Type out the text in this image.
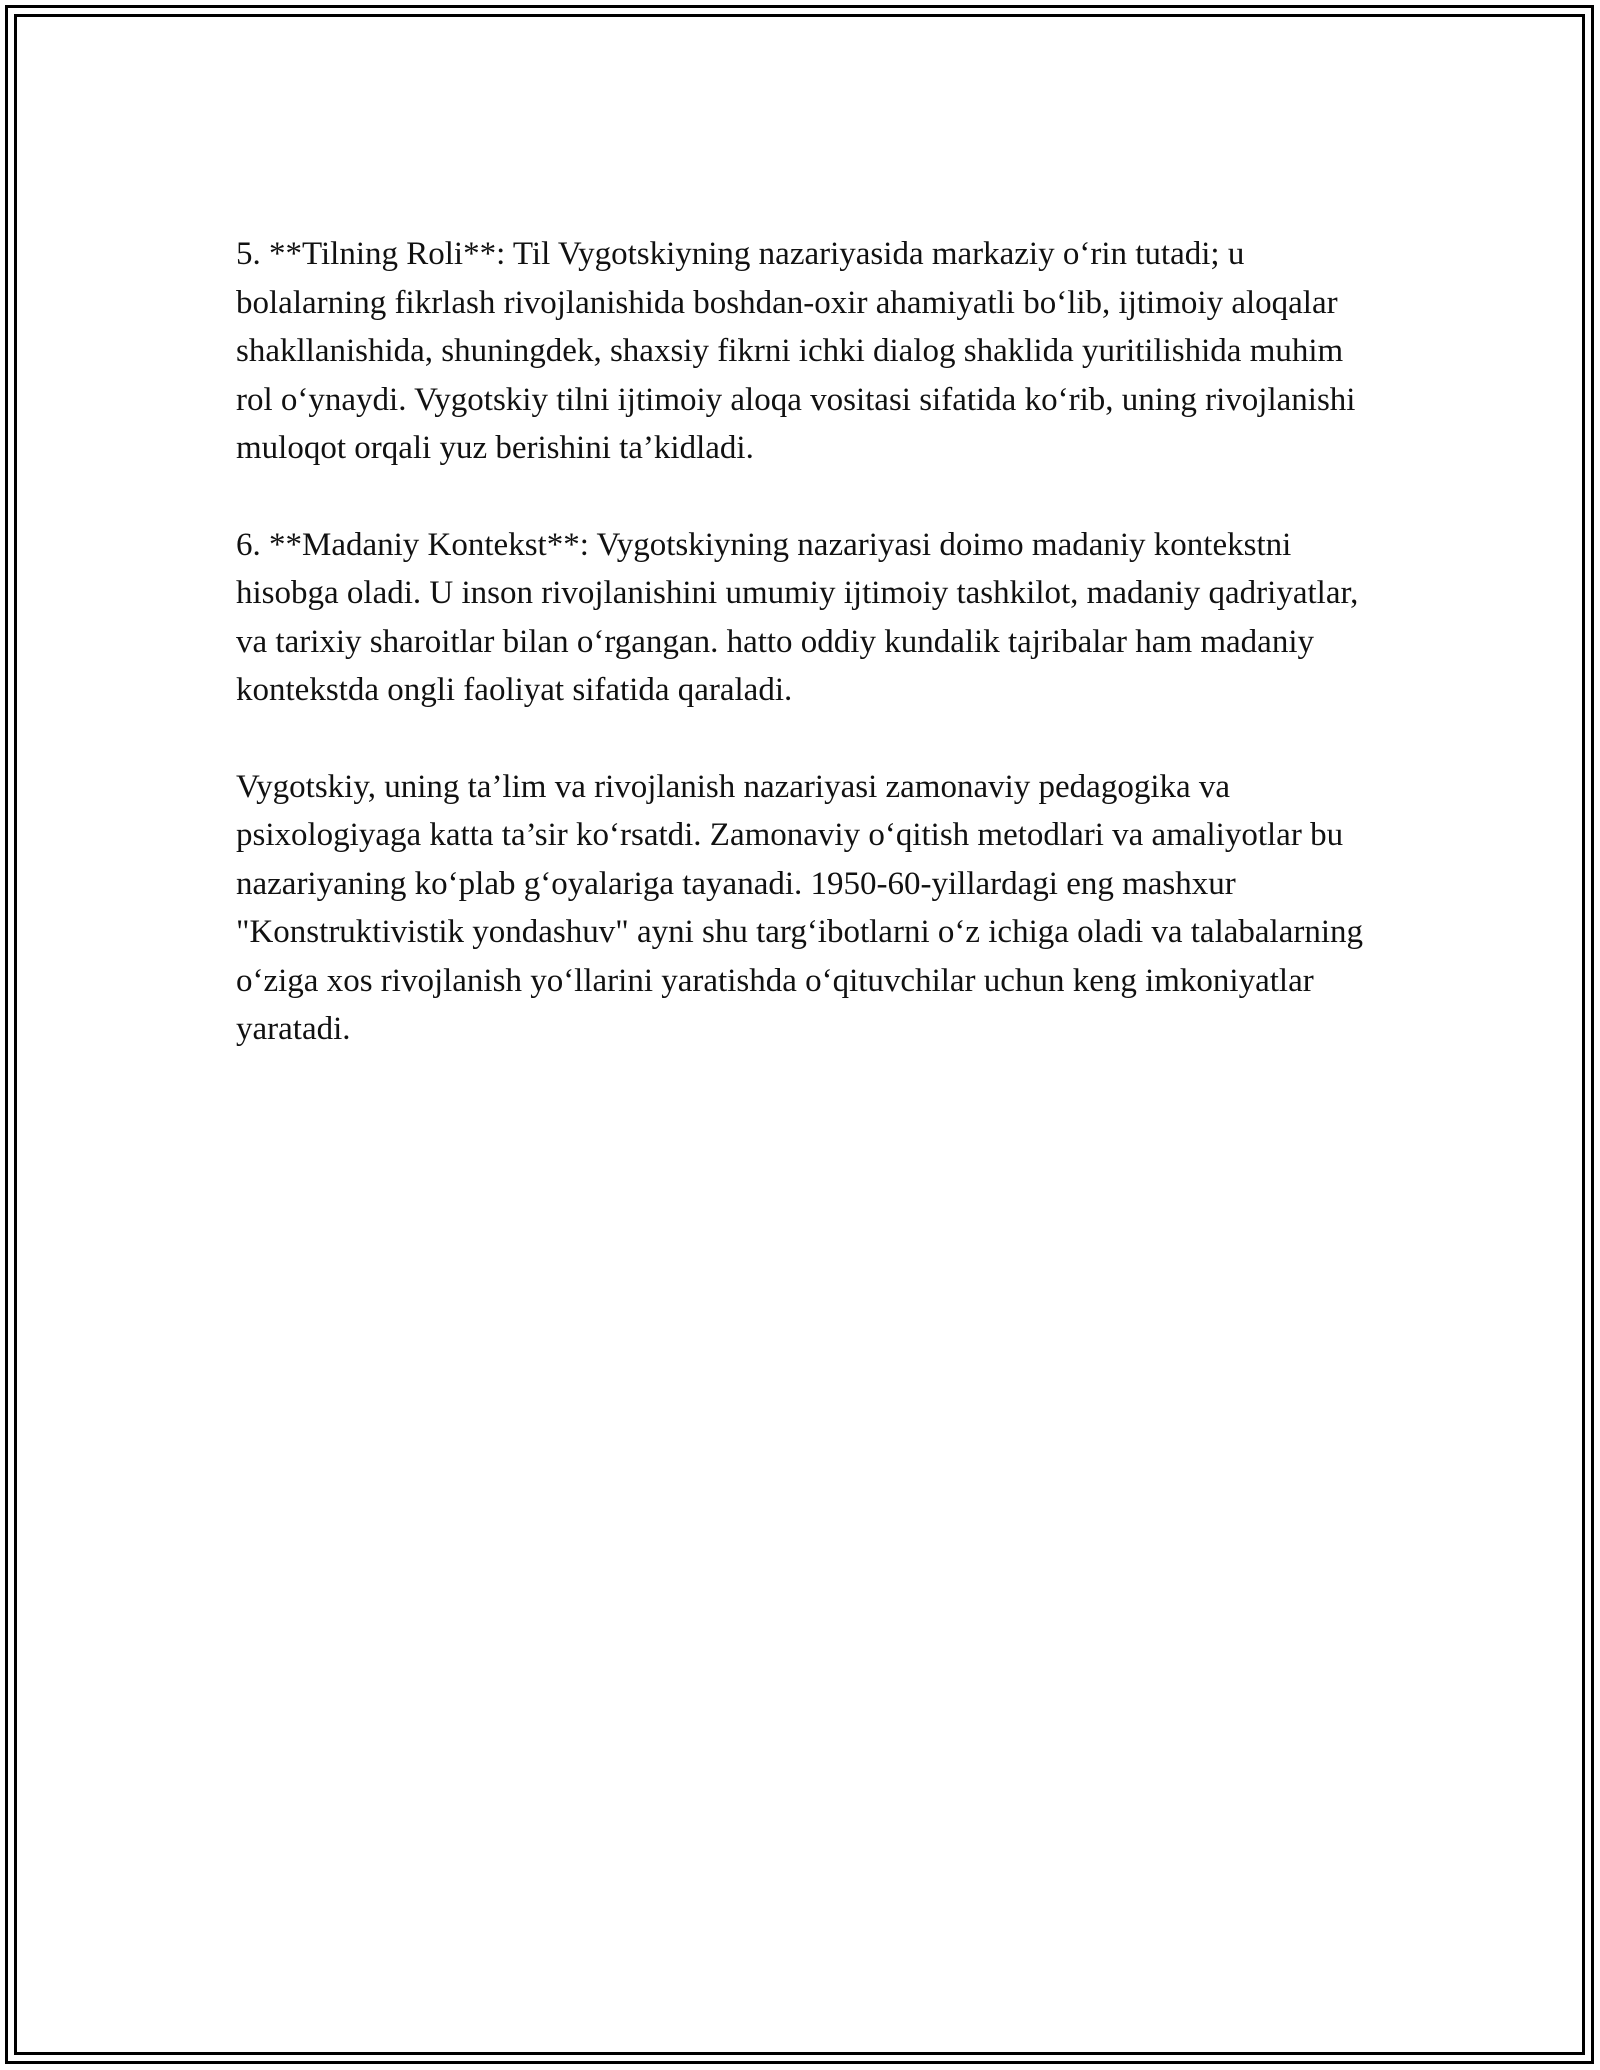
5. **Tilning Roli**: Til Vygotskiyning nazariyasida markaziy o‘rin tutadi; u bolalarning fikrlash rivojlanishida boshdan-oxir ahamiyatli bo‘lib, ijtimoiy aloqalar shakllanishida, shuningdek, shaxsiy fikrni ichki dialog shaklida yuritilishida muhim rol o‘ynaydi. Vygotskiy tilni ijtimoiy aloqa vositasi sifatida ko‘rib, uning rivojlanishi muloqot orqali yuz berishini ta’kidladi.

6. **Madaniy Kontekst**: Vygotskiyning nazariyasi doimo madaniy kontekstni hisobga oladi. U inson rivojlanishini umumiy ijtimoiy tashkilot, madaniy qadriyatlar, va tarixiy sharoitlar bilan o‘rgangan. hatto oddiy kundalik tajribalar ham madaniy kontekstda ongli faoliyat sifatida qaraladi.

Vygotskiy, uning ta’lim va rivojlanish nazariyasi zamonaviy pedagogika va psixologiyaga katta ta’sir ko‘rsatdi. Zamonaviy o‘qitish metodlari va amaliyotlar bu nazariyaning ko‘plab g‘oyalariga tayanadi. 1950-60-yillardagi eng mashxur "Konstruktivistik yondashuv" ayni shu targ‘ibotlarni o‘z ichiga oladi va talabalarning o‘ziga xos rivojlanish yo‘llarini yaratishda o‘qituvchilar uchun keng imkoniyatlar yaratadi.
